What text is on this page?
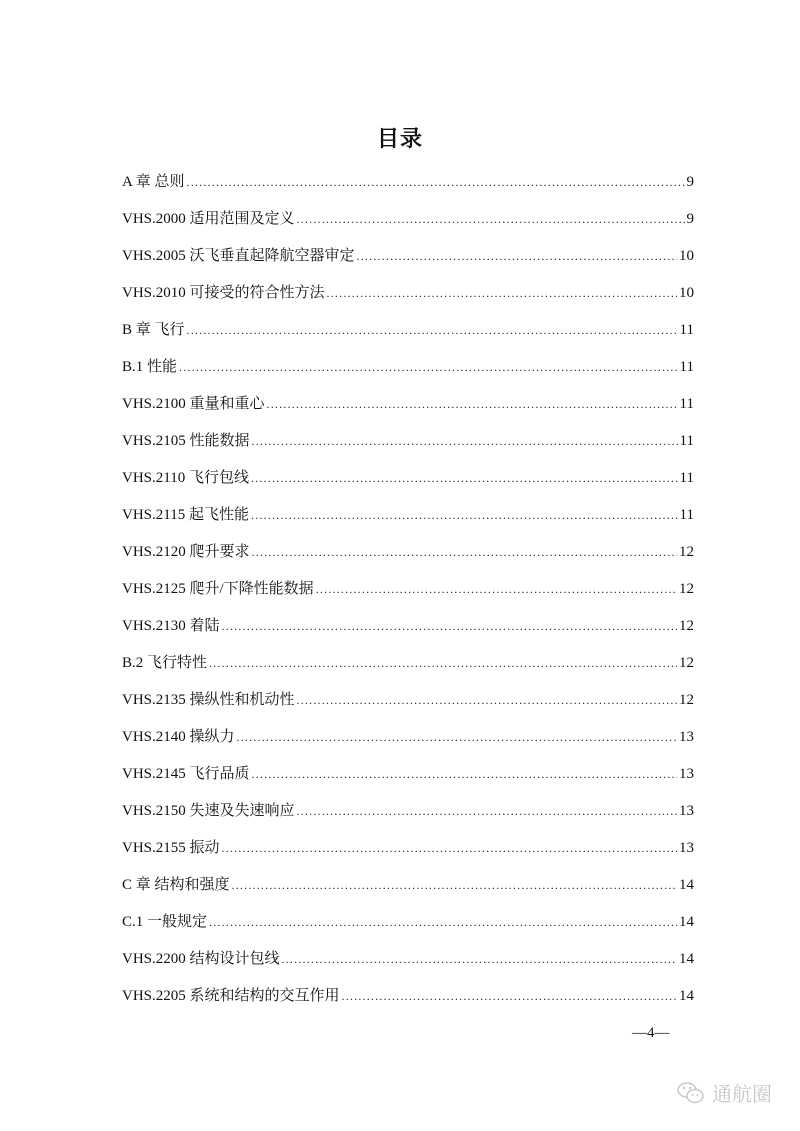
目录
A 章 总则 .....	9
VHS.2000 适用范围及定义 .....	9
VHS.2005 沃飞垂直起降航空器审定 .....	10
VHS.2010 可接受的符合性方法 .....	10
B 章 飞行 .....	11
B.1 性能 .....	11
VHS.2100 重量和重心 .....	11
VHS.2105 性能数据 .....	11
VHS.2110 飞行包线 .....	11
VHS.2115 起飞性能 .....	11
VHS.2120 爬升要求 .....	12
VHS.2125 爬升/下降性能数据 .....	12
VHS.2130 着陆 .....	12
B.2 飞行特性 .....	12
VHS.2135 操纵性和机动性 .....	12
VHS.2140 操纵力 .....	13
VHS.2145 飞行品质 .....	13
VHS.2150 失速及失速响应 .....	13
VHS.2155 振动 .....	13
C 章 结构和强度 .....	14
C.1 一般规定 .....	14
VHS.2200 结构设计包线 .....	14
VHS.2205 系统和结构的交互作用 .....	14
—4—
通航圈
